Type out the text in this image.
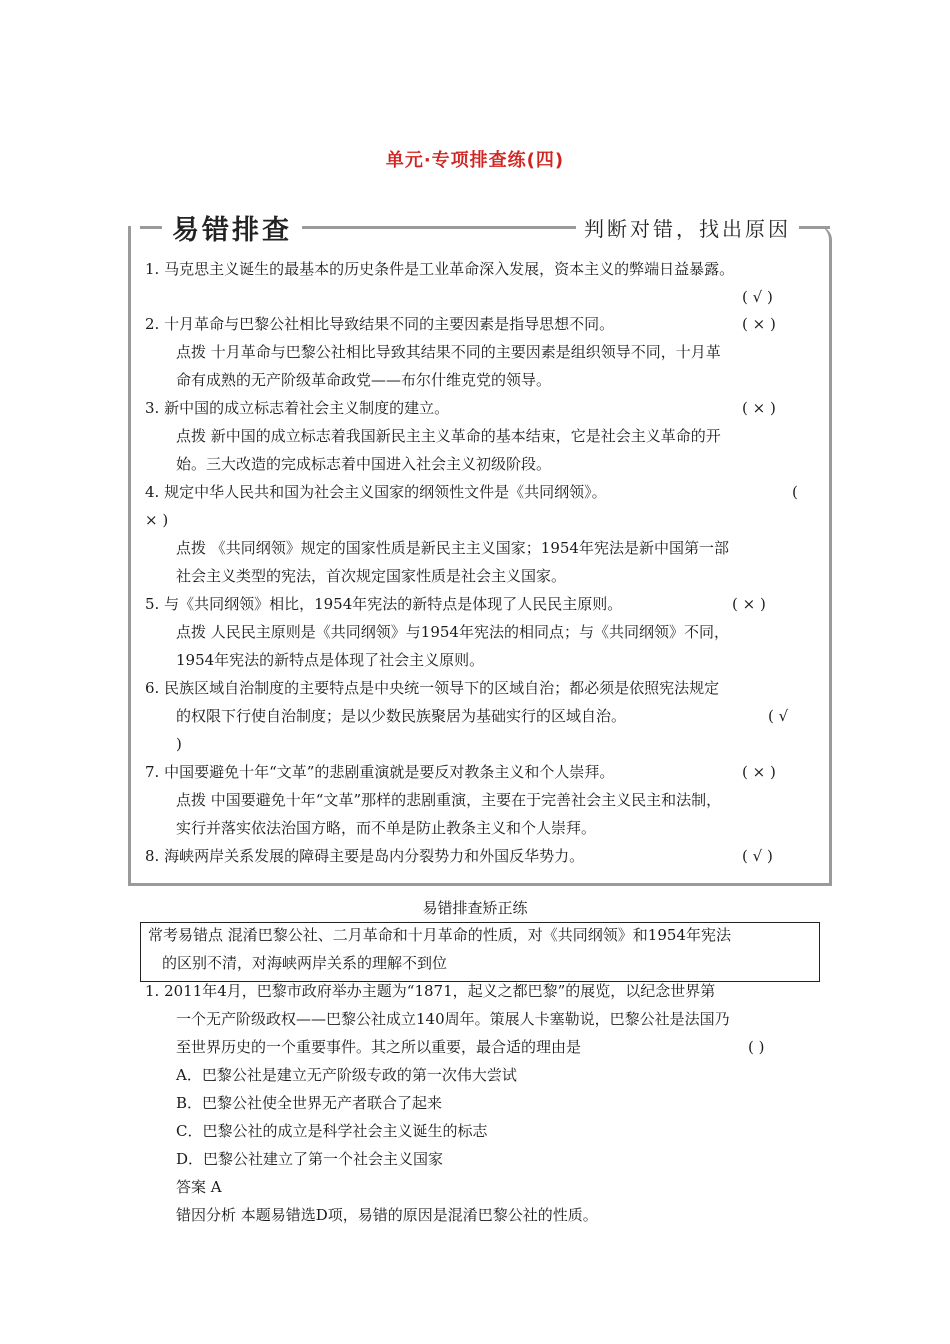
单元·专项排查练(四)
易错排查	判断对错，找出原因
1. 马克思主义诞生的最基本的历史条件是工业革命深入发展，资本主义的弊端日益暴露。
( √ )
2. 十月革命与巴黎公社相比导致结果不同的主要因素是指导思想不同。	( × )
点拨 十月革命与巴黎公社相比导致其结果不同的主要因素是组织领导不同，十月革
命有成熟的无产阶级革命政党——布尔什维克党的领导。
3. 新中国的成立标志着社会主义制度的建立。	( × )
点拨 新中国的成立标志着我国新民主主义革命的基本结束，它是社会主义革命的开
始。三大改造的完成标志着中国进入社会主义初级阶段。
4. 规定中华人民共和国为社会主义国家的纲领性文件是《共同纲领》。	(
× )
点拨 《共同纲领》规定的国家性质是新民主主义国家；1954年宪法是新中国第一部
社会主义类型的宪法，首次规定国家性质是社会主义国家。
5. 与《共同纲领》相比，1954年宪法的新特点是体现了人民民主原则。	( × )
点拨 人民民主原则是《共同纲领》与1954年宪法的相同点；与《共同纲领》不同，
1954年宪法的新特点是体现了社会主义原则。
6. 民族区域自治制度的主要特点是中央统一领导下的区域自治；都必须是依照宪法规定
的权限下行使自治制度；是以少数民族聚居为基础实行的区域自治。	( √
)
7. 中国要避免十年“文革”的悲剧重演就是要反对教条主义和个人崇拜。	( × )
点拨 中国要避免十年“文革”那样的悲剧重演，主要在于完善社会主义民主和法制，
实行并落实依法治国方略，而不单是防止教条主义和个人崇拜。
8. 海峡两岸关系发展的障碍主要是岛内分裂势力和外国反华势力。	( √ )
易错排查矫正练
常考易错点 混淆巴黎公社、二月革命和十月革命的性质，对《共同纲领》和1954年宪法
的区别不清，对海峡两岸关系的理解不到位
1. 2011年4月，巴黎市政府举办主题为“1871，起义之都巴黎”的展览，以纪念世界第
一个无产阶级政权——巴黎公社成立140周年。策展人卡塞勒说，巴黎公社是法国乃
至世界历史的一个重要事件。其之所以重要，最合适的理由是	( )
A．巴黎公社是建立无产阶级专政的第一次伟大尝试
B．巴黎公社使全世界无产者联合了起来
C．巴黎公社的成立是科学社会主义诞生的标志
D．巴黎公社建立了第一个社会主义国家
答案 A
错因分析 本题易错选D项，易错的原因是混淆巴黎公社的性质。
